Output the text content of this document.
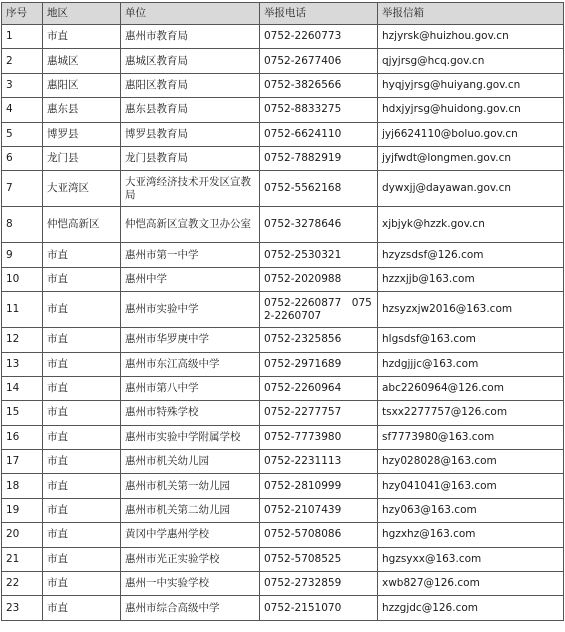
序号	地区	单位	举报电话	举报信箱
1	市直	惠州市教育局	0752-2260773	hzjyrsk@huizhou.gov.cn
2	惠城区	惠城区教育局	0752-2677406	qjyjrsg@hcq.gov.cn
3	惠阳区	惠阳区教育局	0752-3826566	hyqjyjrsg@huiyang.gov.cn
4	惠东县	惠东县教育局	0752-8833275	hdxjyjrsg@huidong.gov.cn
5	博罗县	博罗县教育局	0752-6624110	jyj6624110@boluo.gov.cn
6	龙门县	龙门县教育局	0752-7882919	jyjfwdt@longmen.gov.cn
7	大亚湾区	大亚湾经济技术开发区宣教局	0752-5562168	dywxjj@dayawan.gov.cn
8	仲恺高新区	仲恺高新区宣教文卫办公室	0752-3278646	xjbjyk@hzzk.gov.cn
9	市直	惠州市第一中学	0752-2530321	hzyzsdsf@126.com
10	市直	惠州中学	0752-2020988	hzzxjjb@163.com
11	市直	惠州市实验中学	0752-2260877　0752-2260707	hzsyzxjw2016@163.com
12	市直	惠州市华罗庚中学	0752-2325856	hlgsdsf@163.com
13	市直	惠州市东江高级中学	0752-2971689	hzdgjjjc@163.com
14	市直	惠州市第八中学	0752-2260964	abc2260964@126.com
15	市直	惠州市特殊学校	0752-2277757	tsxx2277757@126.com
16	市直	惠州市实验中学附属学校	0752-7773980	sf7773980@163.com
17	市直	惠州市机关幼儿园	0752-2231113	hzy028028@163.com
18	市直	惠州市机关第一幼儿园	0752-2810999	hzy041041@163.com
19	市直	惠州市机关第二幼儿园	0752-2107439	hzy063@163.com
20	市直	黄冈中学惠州学校	0752-5708086	hgzxhz@163.com
21	市直	惠州市光正实验学校	0752-5708525	hgzsyxx@163.com
22	市直	惠州一中实验学校	0752-2732859	xwb827@126.com
23	市直	惠州市综合高级中学	0752-2151070	hzzgjdc@126.com
